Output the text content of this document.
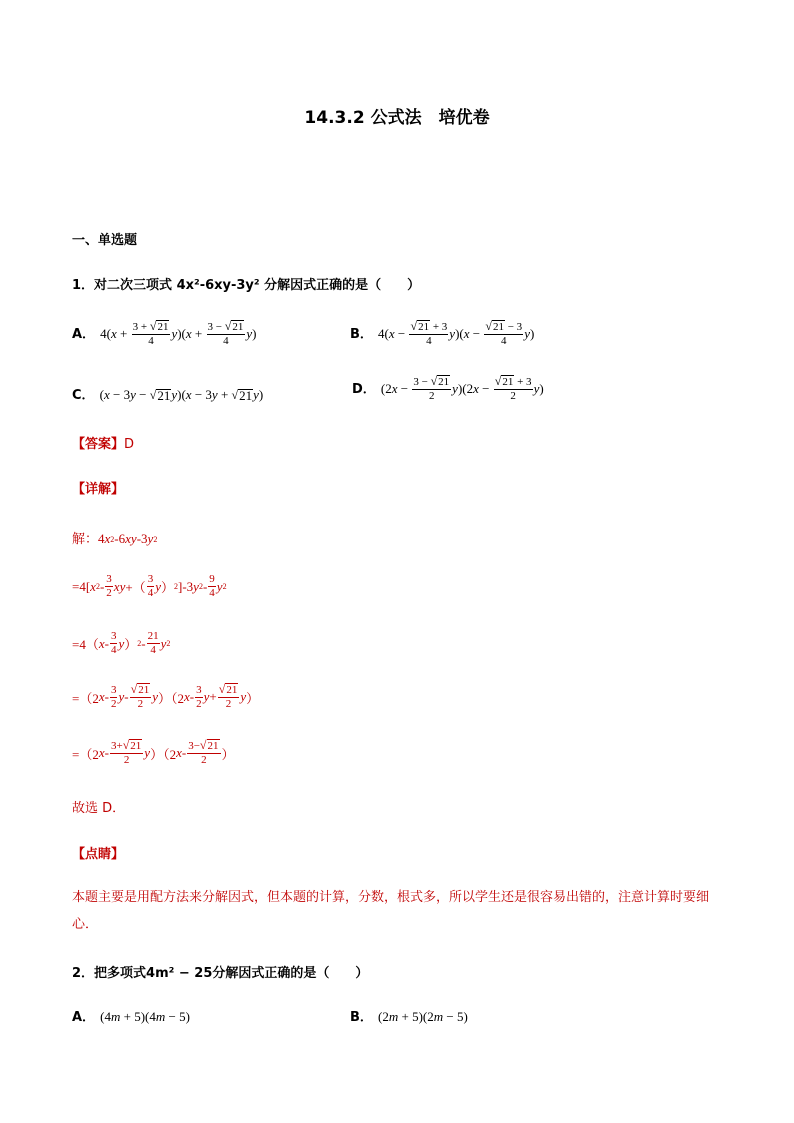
14.3.2 公式法　培优卷
一、单选题
1．对二次三项式 4x²-6xy-3y² 分解因式正确的是（　　）
A． 4( $x + \frac{3 + √ 21}{4}$ y )( $x + \frac{3 - √ 21}{4}$ y )	B． 4( $x - \frac{√ 21 + 3}{4}$ y )( $x - \frac{√ 21 - 3}{4}$ y )
C． ( x − 3 y − √ 21 y )( x − 3 y + √ 21 y )	D． (2 $x - \frac{3 - √ 21}{2}$ y )(2 $x - \frac{√ 21 + 3}{2}$ y )
【答案】D
【详解】
解：4 x 2 -6 xy -3 y 2
=4[ x $2 - \frac{3}{2}$ xy +（ $\frac{3}{4}$ y ） 2 ]-3 y $2 - \frac{9}{4}$ y 2
=4（ x - $\frac{3}{4}$ y ） $2 - \frac{21}{4}$ y 2
=（2 x - $\frac{3}{2}$ y - $\frac{√ 21}{2}$ y ）（2 x - $\frac{3}{2}$ $y + \frac{√ 21}{2}$ y ）
=（2 x - $\frac{3+ √ 21}{2}$ y ）（2 x - $\frac{3- √ 21}{2}$ ）
故选 D．
【点睛】
本题主要是用配方法来分解因式，但本题的计算，分数，根式多，所以学生还是很容易出错的，注意计算时要细心．
2．把多项式4m² − 25分解因式正确的是（　　）
A． (4 m + 5)(4 m − 5)	B． (2 m + 5)(2 m − 5)
